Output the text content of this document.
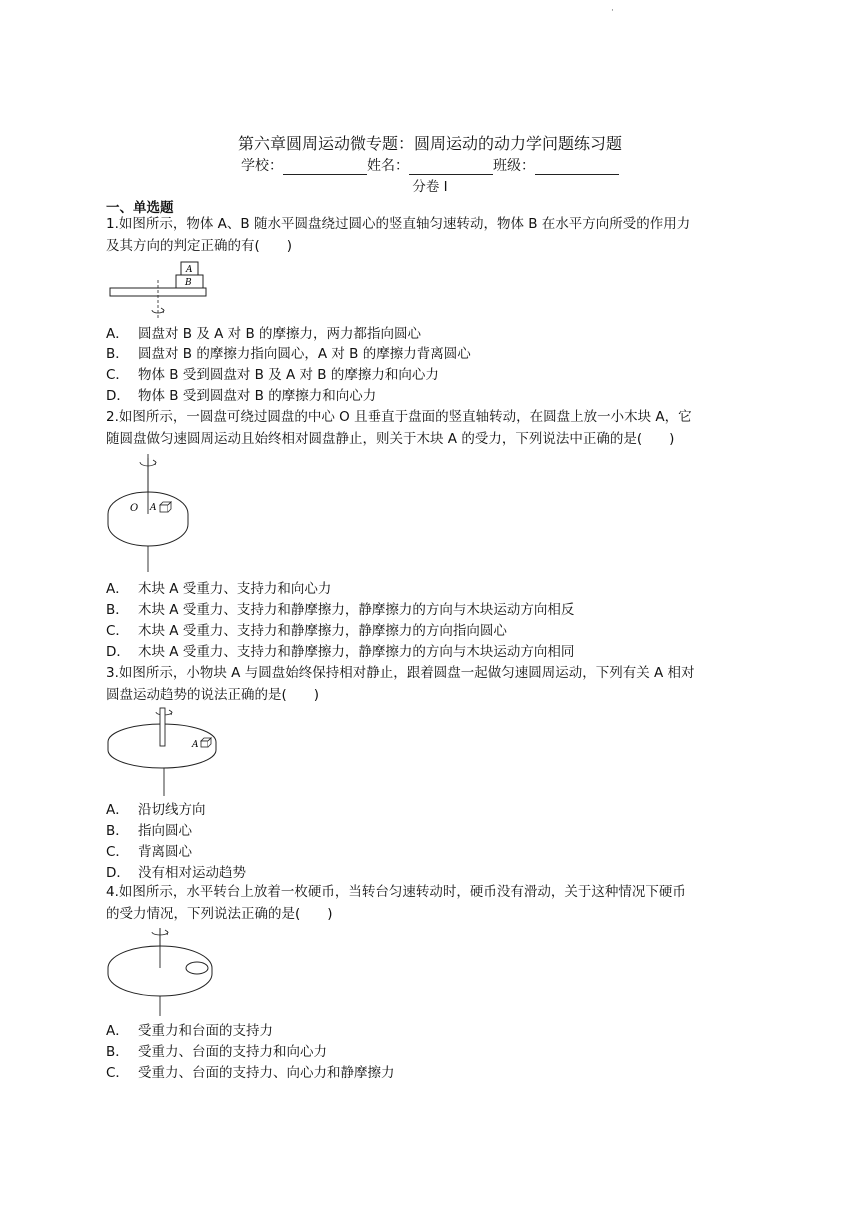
·
第六章圆周运动微专题：圆周运动的动力学问题练习题
学校：	姓名：	班级：
分卷 I
一、单选题
1.如图所示，物体 A、B 随水平圆盘绕过圆心的竖直轴匀速转动，物体 B 在水平方向所受的作用力
及其方向的判定正确的有(　　)
A
B
A． 圆盘对 B 及 A 对 B 的摩擦力，两力都指向圆心
B． 圆盘对 B 的摩擦力指向圆心，A 对 B 的摩擦力背离圆心
C． 物体 B 受到圆盘对 B 及 A 对 B 的摩擦力和向心力
D． 物体 B 受到圆盘对 B 的摩擦力和向心力
2.如图所示，一圆盘可绕过圆盘的中心 O 且垂直于盘面的竖直轴转动，在圆盘上放一小木块 A，它
随圆盘做匀速圆周运动且始终相对圆盘静止，则关于木块 A 的受力，下列说法中正确的是(　　)
O A
A． 木块 A 受重力、支持力和向心力
B． 木块 A 受重力、支持力和静摩擦力，静摩擦力的方向与木块运动方向相反
C． 木块 A 受重力、支持力和静摩擦力，静摩擦力的方向指向圆心
D． 木块 A 受重力、支持力和静摩擦力，静摩擦力的方向与木块运动方向相同
3.如图所示，小物块 A 与圆盘始终保持相对静止，跟着圆盘一起做匀速圆周运动，下列有关 A 相对
圆盘运动趋势的说法正确的是(　　)
A
A． 沿切线方向
B． 指向圆心
C． 背离圆心
D． 没有相对运动趋势
4.如图所示，水平转台上放着一枚硬币，当转台匀速转动时，硬币没有滑动，关于这种情况下硬币
的受力情况，下列说法正确的是(　　)
A． 受重力和台面的支持力
B． 受重力、台面的支持力和向心力
C． 受重力、台面的支持力、向心力和静摩擦力
